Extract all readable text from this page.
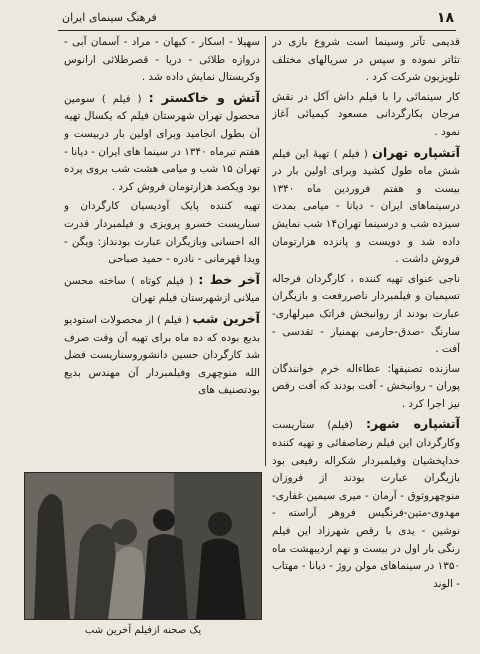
۱۸
فرهنگ سینمای ایران

قدیمی تآتر وسینما است شروع بازی در تئاتر نموده و سپس در سریالهای مختلف تلویزیون شرکت کرد .

کار سینمائی را با فیلم داش آکل در نقش مرجان بکارگردانی مسعود کیمیائی آغاز نمود .

آتشپاره تهران ( فیلم ) تهیهٔ این فیلم شش ماه طول کشید وبرای اولین بار در بیست و هفتم فروردین ماه ۱۳۴۰ درسینماهای ایران - دیانا - میامی بمدت سیزده شب و درسینما تهران۱۴ شب نمایش داده شد و دویست و پانزده هزارتومان فروش داشت .

ناجی عنوای تهیه کننده ، کارگردان فرجاله تسیمیان و فیلمبردار ناصررفعت و بازیگران عبارت بودند از روانبخش فراتک میرلهاری-سارنگ -صدق-حارمی بهمنیار - تقدسی - آفت .

سازنده تصنیفها: عطاءاله خرم خوانندگان پوران - روانبخش - آفت بودند که آفت رقص نیز اجرا کرد .

آتشپاره شهر: (فیلم) سناریست وکارگردان این فیلم رضاصفائی و تهیه کننده خداپخشیان وفیلمبردار شکراله رفیعی بود بازیگران عبارت بودند از فروزان منوچهروثوق - آرمان - میری سیمین غفاری-مهدوی-متین-فرنگیس فروهر آراسته - نوشین - یدی با رقص شهرزاد این فیلم رنگی بار اول در بیست و نهم اردیبهشت ماه ۱۳۵۰ در سینماهای مولن روژ - دیانا - مهتاب - الوند

سهیلا - اسکار - کیهان - مراد - آسمان آبی - دروازه طلائی - دریا - قصرطلائی ارانوس وکریستال نمایش داده شد .

آتش و خاکستر : ( فیلم ) سومین محصول تهران شهرستان فیلم که یکسال تهیه آن بطول انجامید وبرای اولین بار دربیست و هفتم تیرماه ۱۳۴۰ در سینما های ایران - دیانا - تهران ۱۵ شب و میامی هشت شب بروی پرده بود ویکصد هزارتومان فروش کرد .

تهیه کننده پایک آودیسیان کارگردان و سناریست خسرو پرویزی و فیلمبردار قدرت اله احسانی وبازیگران عبارت بودنداز: ویگن - ویدا قهرمانی - نادره - حمید صباحی

آخر خط : ( فیلم کوتاه ) ساخته محسن میلانی ازشهرستان فیلم تهران

آخرین شب ( فیلم ) از محصولات استودیو بدیع بوده که ده ماه برای تهیه آن وقت صرف شد کارگردان حسین دانشوروسناریست فضل الله منوچهری وفیلمبردار آن مهندس بدیع بودتصنیف های

یک صحنه ازفیلم آخرین شب
